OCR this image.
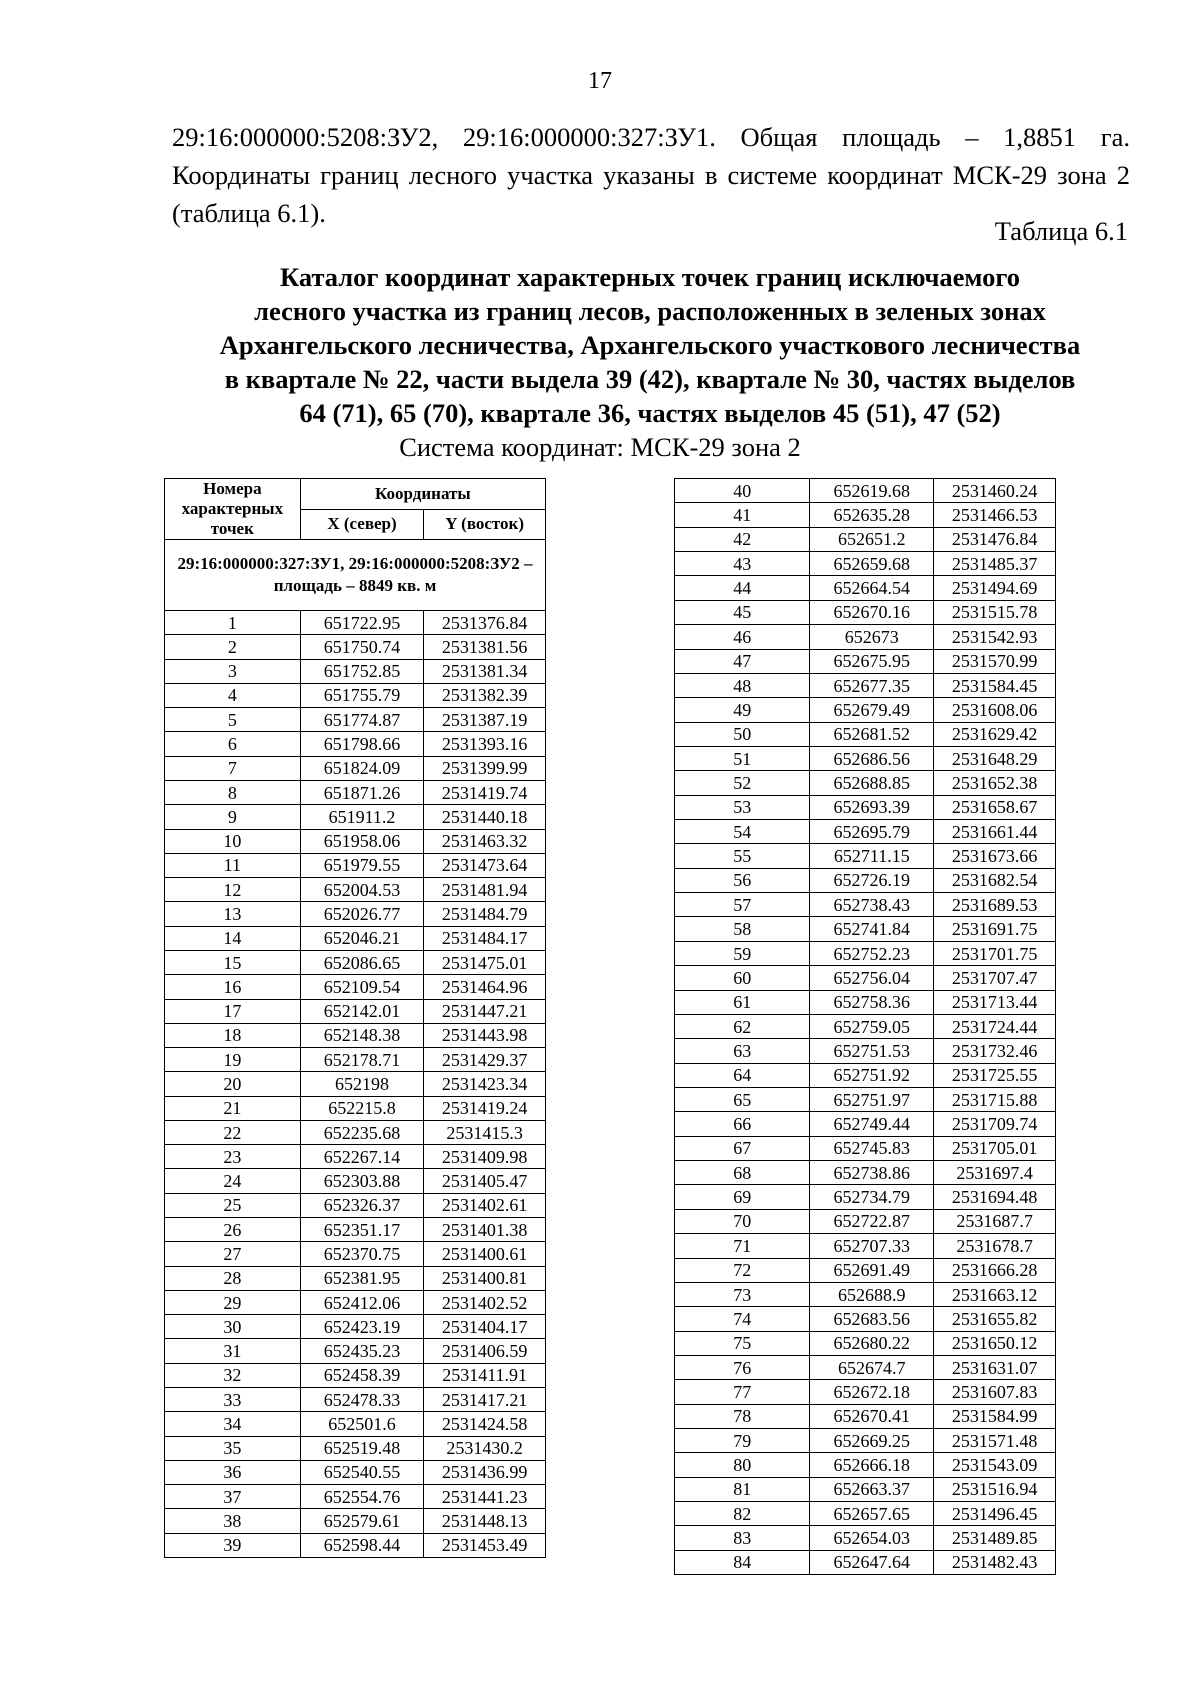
17
29:16:000000:5208:ЗУ2, 29:16:000000:327:ЗУ1. Общая площадь – 1,8851 га. Координаты границ лесного участка указаны в системе координат МСК-29 зона 2 (таблица 6.1).
Таблица 6.1
Каталог координат характерных точек границ исключаемого
лесного участка из границ лесов, расположенных в зеленых зонах
Архангельского лесничества, Архангельского участкового лесничества
в квартале № 22, части выдела 39 (42), квартале № 30, частях выделов
64 (71), 65 (70), квартале 36, частях выделов 45 (51), 47 (52)
Система координат: МСК-29 зона 2
Номера характерных точек	Координаты	
	X (север)	Y (восток)
29:16:000000:327:ЗУ1, 29:16:000000:5208:ЗУ2 – площадь – 8849 кв. м		
1	651722.95	2531376.84
2	651750.74	2531381.56
3	651752.85	2531381.34
4	651755.79	2531382.39
5	651774.87	2531387.19
6	651798.66	2531393.16
7	651824.09	2531399.99
8	651871.26	2531419.74
9	651911.2	2531440.18
10	651958.06	2531463.32
11	651979.55	2531473.64
12	652004.53	2531481.94
13	652026.77	2531484.79
14	652046.21	2531484.17
15	652086.65	2531475.01
16	652109.54	2531464.96
17	652142.01	2531447.21
18	652148.38	2531443.98
19	652178.71	2531429.37
20	652198	2531423.34
21	652215.8	2531419.24
22	652235.68	2531415.3
23	652267.14	2531409.98
24	652303.88	2531405.47
25	652326.37	2531402.61
26	652351.17	2531401.38
27	652370.75	2531400.61
28	652381.95	2531400.81
29	652412.06	2531402.52
30	652423.19	2531404.17
31	652435.23	2531406.59
32	652458.39	2531411.91
33	652478.33	2531417.21
34	652501.6	2531424.58
35	652519.48	2531430.2
36	652540.55	2531436.99
37	652554.76	2531441.23
38	652579.61	2531448.13
39	652598.44	2531453.49
40	652619.68	2531460.24
41	652635.28	2531466.53
42	652651.2	2531476.84
43	652659.68	2531485.37
44	652664.54	2531494.69
45	652670.16	2531515.78
46	652673	2531542.93
47	652675.95	2531570.99
48	652677.35	2531584.45
49	652679.49	2531608.06
50	652681.52	2531629.42
51	652686.56	2531648.29
52	652688.85	2531652.38
53	652693.39	2531658.67
54	652695.79	2531661.44
55	652711.15	2531673.66
56	652726.19	2531682.54
57	652738.43	2531689.53
58	652741.84	2531691.75
59	652752.23	2531701.75
60	652756.04	2531707.47
61	652758.36	2531713.44
62	652759.05	2531724.44
63	652751.53	2531732.46
64	652751.92	2531725.55
65	652751.97	2531715.88
66	652749.44	2531709.74
67	652745.83	2531705.01
68	652738.86	2531697.4
69	652734.79	2531694.48
70	652722.87	2531687.7
71	652707.33	2531678.7
72	652691.49	2531666.28
73	652688.9	2531663.12
74	652683.56	2531655.82
75	652680.22	2531650.12
76	652674.7	2531631.07
77	652672.18	2531607.83
78	652670.41	2531584.99
79	652669.25	2531571.48
80	652666.18	2531543.09
81	652663.37	2531516.94
82	652657.65	2531496.45
83	652654.03	2531489.85
84	652647.64	2531482.43
